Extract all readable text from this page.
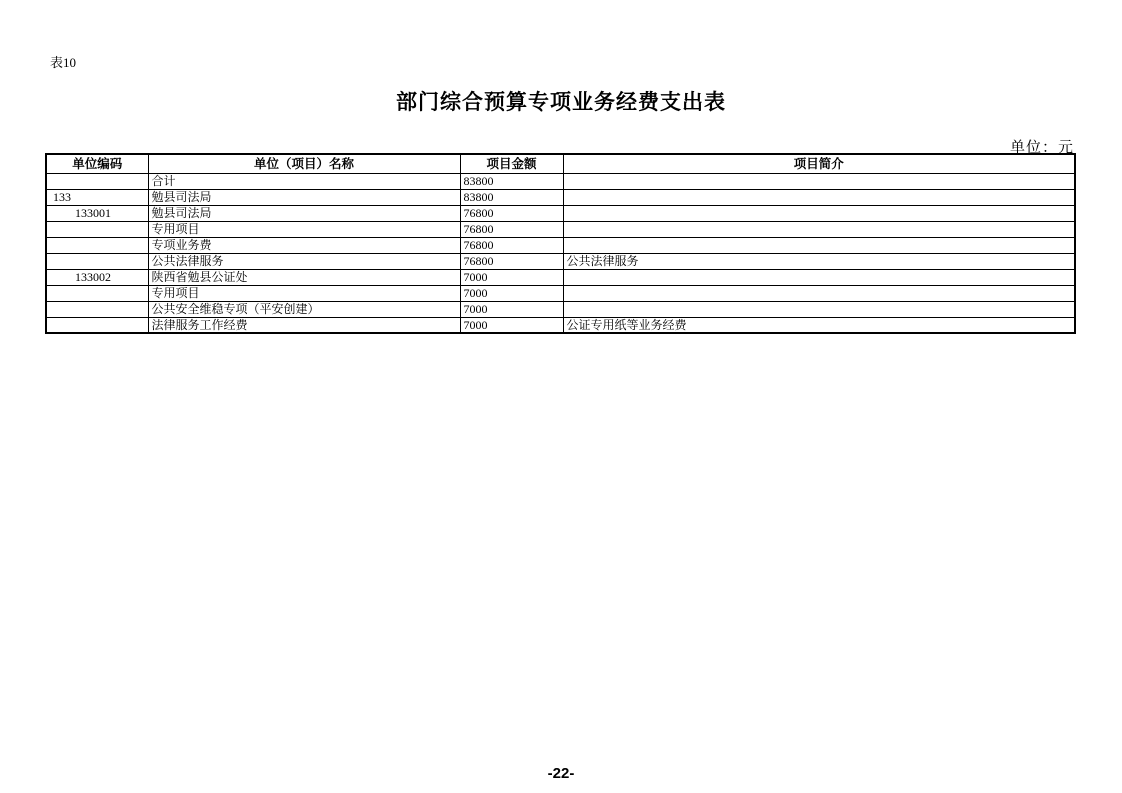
表10
部门综合预算专项业务经费支出表
单位：元
单位编码	单位（项目）名称	项目金额	项目简介
	合计	83800	
133	勉县司法局	83800	
133001	勉县司法局	76800	
	专用项目	76800	
	专项业务费	76800	
	公共法律服务	76800	公共法律服务
133002	陕西省勉县公证处	7000	
	专用项目	7000	
	公共安全维稳专项（平安创建）	7000	
	法律服务工作经费	7000	公证专用纸等业务经费
-22-
